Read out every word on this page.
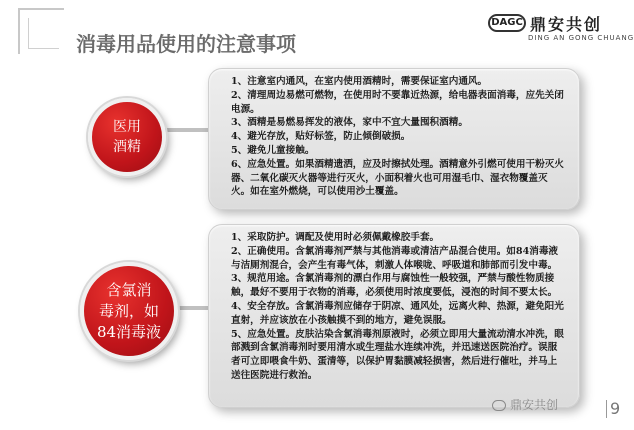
消毒用品使用的注意事项
DAGC 鼎安共创
DING AN GONG CHUANG

1、注意室内通风，在室内使用酒精时，需要保证室内通风。

2、清理周边易燃可燃物，在使用时不要靠近热源，给电器表面消毒，应先关闭电源。

3、酒精是易燃易挥发的液体，家中不宜大量囤积酒精。

4、避光存放，贴好标签，防止倾倒破损。

5、避免儿童接触。

6、应急处置。如果酒精遗洒，应及时擦拭处理。酒精意外引燃可使用干粉灭火器、二氧化碳灭火器等进行灭火，小面积着火也可用湿毛巾、湿衣物覆盖灭火。如在室外燃烧，可以使用沙土覆盖。

医用
酒精

1、采取防护。调配及使用时必须佩戴橡胶手套。

2、正确使用。含氯消毒剂严禁与其他消毒或清洁产品混合使用。如84消毒液与洁厕剂混合，会产生有毒气体，刺激人体喉咙、呼吸道和肺部而引发中毒。

3、规范用途。含氯消毒剂的漂白作用与腐蚀性一般较强，严禁与酸性物质接触，最好不要用于衣物的消毒，必须使用时浓度要低，浸泡的时间不要太长。

4、安全存放。含氯消毒剂应储存于阴凉、通风处，远离火种、热源，避免阳光直射，并应该放在小孩触摸不到的地方，避免误服。

5、应急处置。皮肤沾染含氯消毒剂原液时，必须立即用大量流动清水冲洗，眼部溅到含氯消毒剂时要用清水或生理盐水连续冲洗，并迅速送医院治疗。误服者可立即喂食牛奶、蛋清等，以保护胃黏膜减轻损害，然后进行催吐，并马上送往医院进行救治。

含氯消
毒剂，如
84消毒液
鼎安共创	9
